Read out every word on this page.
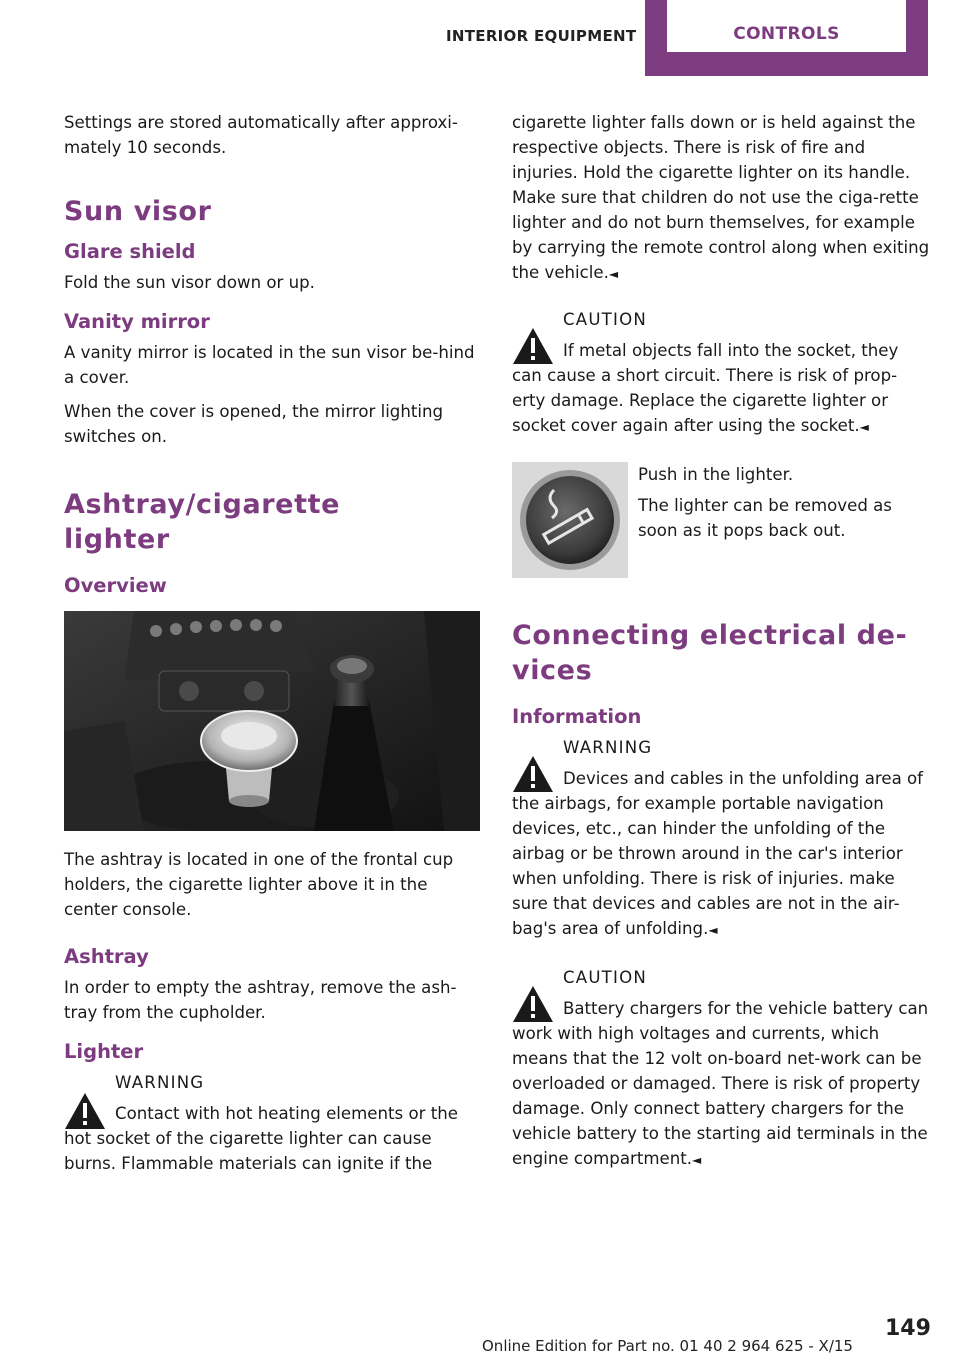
INTERIOR EQUIPMENT	CONTROLS

Settings are stored automatically after approxi-mately 10 seconds.

Sun visor
Glare shield

Fold the sun visor down or up.

Vanity mirror

A vanity mirror is located in the sun visor be-hind a cover.

When the cover is opened, the mirror lighting switches on.

Ashtray/cigarette
lighter
Overview

The ashtray is located in one of the frontal cup holders, the cigarette lighter above it in the center console.

Ashtray

In order to empty the ashtray, remove the ash-tray from the cupholder.

Lighter
WARNING
Contact with hot heating elements or the hot socket of the cigarette lighter can cause burns. Flammable materials can ignite if the

cigarette lighter falls down or is held against the respective objects. There is risk of fire and injuries. Hold the cigarette lighter on its handle. Make sure that children do not use the ciga-rette lighter and do not burn themselves, for example by carrying the remote control along when exiting the vehicle.◄

CAUTION
If metal objects fall into the socket, they can cause a short circuit. There is risk of prop-erty damage. Replace the cigarette lighter or socket cover again after using the socket.◄

Push in the lighter.

The lighter can be removed as soon as it pops back out.

Connecting electrical de-
vices
Information
WARNING
Devices and cables in the unfolding area of the airbags, for example portable navigation devices, etc., can hinder the unfolding of the airbag or be thrown around in the car's interior when unfolding. There is risk of injuries. make sure that devices and cables are not in the air-bag's area of unfolding.◄
CAUTION
Battery chargers for the vehicle battery can work with high voltages and currents, which means that the 12 volt on-board net-work can be overloaded or damaged. There is risk of property damage. Only connect battery chargers for the vehicle battery to the starting aid terminals in the engine compartment.◄
149
Online Edition for Part no. 01 40 2 964 625 - X/15
